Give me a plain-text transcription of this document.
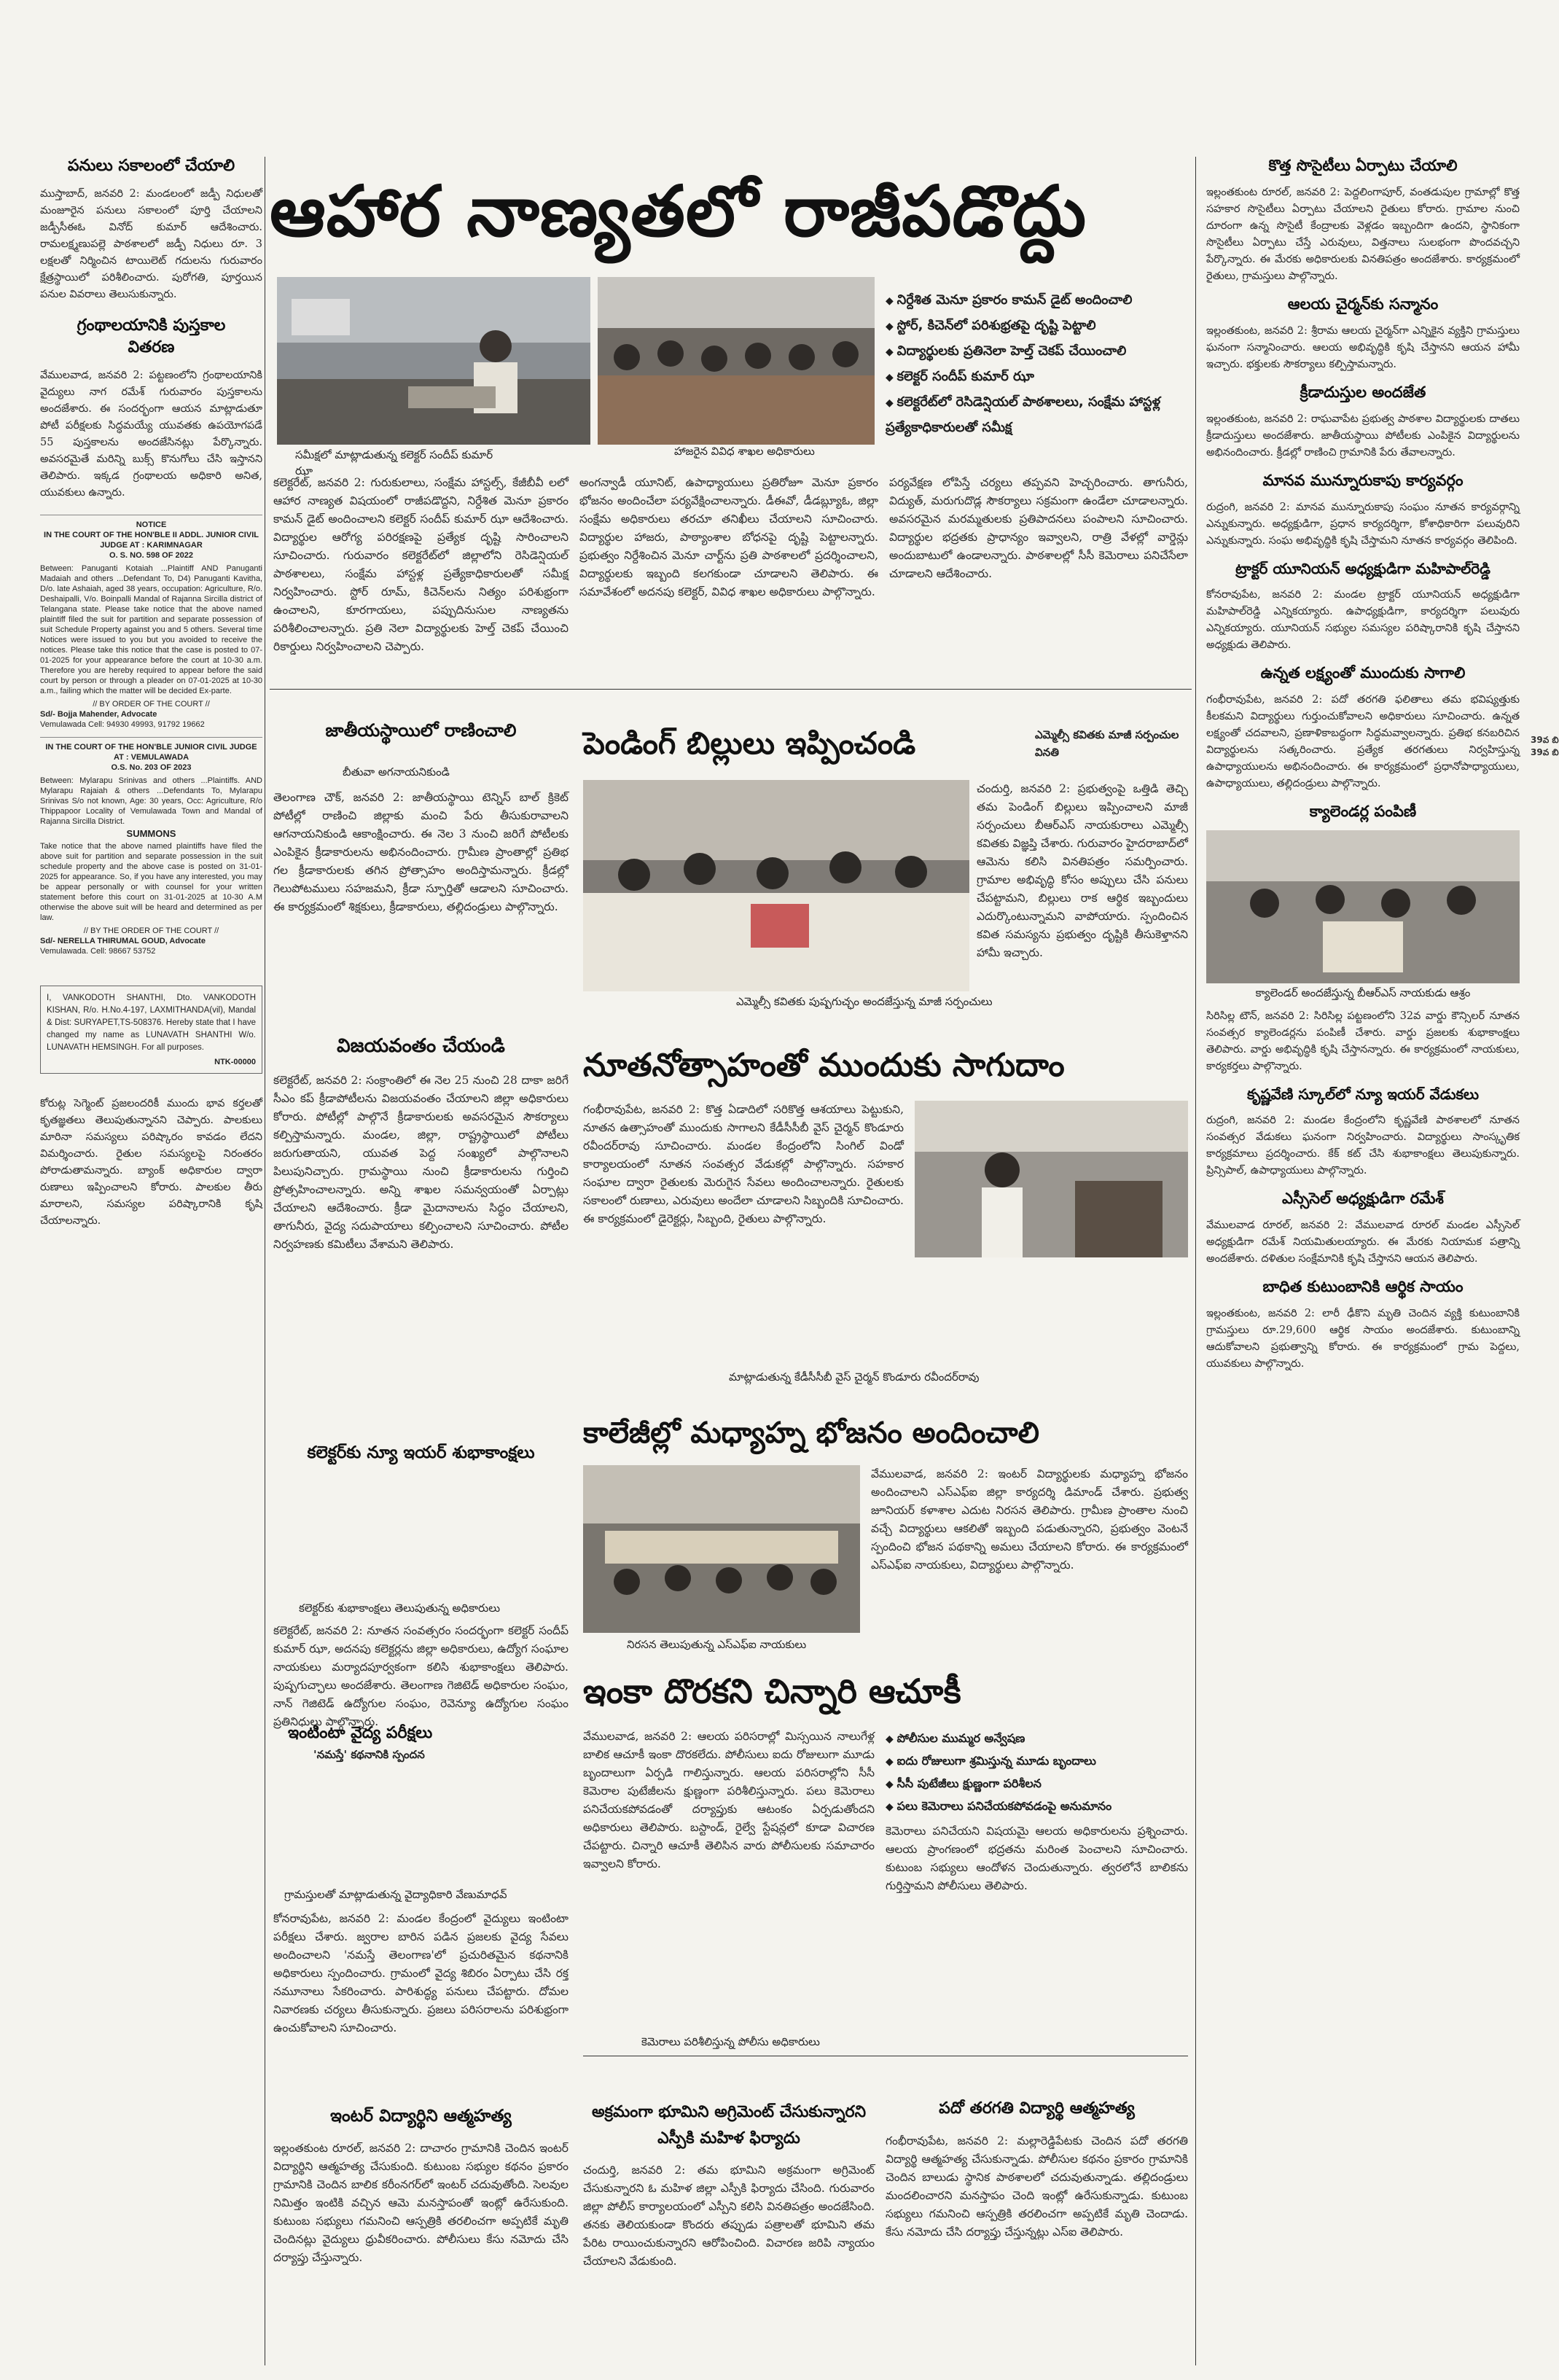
పనులు సకాలంలో చేయాలి

ముస్తాబాద్, జనవరి 2: మండలంలో జడ్పీ నిధులతో మంజూరైన పనులు సకాలంలో పూర్తి చేయాలని జడ్పీసీఈఓ వినోద్ కుమార్ ఆదేశించారు. రామలక్ష్మణుపల్లె పాఠశాలలో జడ్పీ నిధులు రూ. 3 లక్షలతో నిర్మించిన టాయిలెట్ గదులను గురువారం క్షేత్రస్థాయిలో పరిశీలించారు. పురోగతి, పూర్తయిన పనుల వివరాలు తెలుసుకున్నారు.

గ్రంథాలయానికి పుస్తకాల వితరణ

వేములవాడ, జనవరి 2: పట్టణంలోని గ్రంథాలయానికి వైద్యులు నాగ రమేశ్ గురువారం పుస్తకాలను అందజేశారు. ఈ సందర్భంగా ఆయన మాట్లాడుతూ పోటీ పరీక్షలకు సిద్ధమయ్యే యువతకు ఉపయోగపడే 55 పుస్తకాలను అందజేసినట్లు పేర్కొన్నారు. అవసరమైతే మరిన్ని బుక్స్ కొనుగోలు చేసి ఇస్తానని తెలిపారు. ఇక్కడ గ్రంథాలయ అధికారి అనిత, యువకులు ఉన్నారు.

NOTICE

IN THE COURT OF THE HON'BLE II ADDL. JUNIOR CIVIL JUDGE AT : KARIMNAGAR

O. S. NO. 598 OF 2022

Between: Panuganti Kotaiah ...Plaintiff AND Panuganti Madaiah and others ...Defendant To, D4) Panuganti Kavitha, D/o. late Ashaiah, aged 38 years, occupation: Agriculture, R/o. Deshaipalli, V/o. Boinpalli Mandal of Rajanna Sircilla district of Telangana state. Please take notice that the above named plaintiff filed the suit for partition and separate possession of suit Schedule Property against you and 5 others. Several time Notices were issued to you but you avoided to receive the notices. Please take this notice that the case is posted to 07-01-2025 for your appearance before the court at 10-30 a.m. Therefore you are hereby required to appear before the said court by person or through a pleader on 07-01-2025 at 10-30 a.m., failing which the matter will be decided Ex-parte.

// BY ORDER OF THE COURT //

Sd/- Bojja Mahender, Advocate

Vemulawada Cell: 94930 49993, 91792 19662

IN THE COURT OF THE HON'BLE JUNIOR CIVIL JUDGE AT : VEMULAWADA

O.S. No. 203 OF 2023

Between: Mylarapu Srinivas and others ...Plaintiffs. AND Mylarapu Rajaiah & others ...Defendants To, Mylarapu Srinivas S/o not known, Age: 30 years, Occ: Agriculture, R/o Thippapoor Locality of Vemulawada Town and Mandal of Rajanna Sircilla District.

SUMMONS

Take notice that the above named plaintiffs have filed the above suit for partition and separate possession in the suit schedule property and the above case is posted on 31-01-2025 for appearance. So, if you have any interested, you may be appear personally or with counsel for your written statement before this court on 31-01-2025 at 10-30 A.M otherwise the above suit will be heard and determined as per law.

// BY THE ORDER OF THE COURT //

Sd/- NERELLA THIRUMAL GOUD, Advocate

Vemulawada. Cell: 98667 53752

I, VANKODOTH SHANTHI, Dto. VANKODOTH KISHAN, R/o. H.No.4-197, LAXMITHANDA(vil), Mandal & Dist: SURYAPET,TS-508376. Hereby state that I have changed my name as LUNAVATH SHANTHI W/o. LUNAVATH HEMSINGH. For all purposes.

NTK-00000

కోరుట్ల సెగ్మెంట్ ప్రజలందరికీ ముందు భావ కర్తలతో కృతజ్ఞతలు తెలుపుతున్నానని చెప్పారు. పాలకులు మారినా సమస్యలు పరిష్కారం కావడం లేదని విమర్శించారు. రైతుల సమస్యలపై నిరంతరం పోరాడుతామన్నారు. బ్యాంక్ అధికారుల ద్వారా రుణాలు ఇప్పించాలని కోరారు. పాలకుల తీరు మారాలని, సమస్యల పరిష్కారానికి కృషి చేయాలన్నారు.

ఆహార నాణ్యతలో రాజీపడొద్దు

సమీక్షలో మాట్లాడుతున్న కలెక్టర్ సందీప్ కుమార్ ఝా

హాజరైన వివిధ శాఖల అధికారులు

◆ నిర్దేశిత మెనూ ప్రకారం కామన్ డైట్ అందించాలి
◆ స్టోర్, కిచెన్‌లో పరిశుభ్రతపై దృష్టి పెట్టాలి
◆ విద్యార్థులకు ప్రతినెలా హెల్త్ చెకప్ చేయించాలి
◆ కలెక్టర్ సందీప్ కుమార్ ఝా
◆ కలెక్టరేట్‌లో రెసిడెన్షియల్ పాఠశాలలు, సంక్షేమ హాస్టళ్ల ప్రత్యేకాధికారులతో సమీక్ష

కలెక్టరేట్, జనవరి 2: గురుకులాలు, సంక్షేమ హాస్టల్స్, కేజీబీవీ లలో ఆహార నాణ్యత విషయంలో రాజీపడొద్దని, నిర్దేశిత మెనూ ప్రకారం కామన్ డైట్ అందించాలని కలెక్టర్ సందీప్ కుమార్ ఝా ఆదేశించారు. విద్యార్థుల ఆరోగ్య పరిరక్షణపై ప్రత్యేక దృష్టి సారించాలని సూచించారు. గురువారం కలెక్టరేట్‌లో జిల్లాలోని రెసిడెన్షియల్ పాఠశాలలు, సంక్షేమ హాస్టళ్ల ప్రత్యేకాధికారులతో సమీక్ష నిర్వహించారు. స్టోర్ రూమ్, కిచెన్‌లను నిత్యం పరిశుభ్రంగా ఉంచాలని, కూరగాయలు, పప్పుదినుసుల నాణ్యతను పరిశీలించాలన్నారు. ప్రతి నెలా విద్యార్థులకు హెల్త్ చెకప్ చేయించి రికార్డులు నిర్వహించాలని చెప్పారు.

అంగన్వాడీ యూనిట్, ఉపాధ్యాయులు ప్రతిరోజూ మెనూ ప్రకారం భోజనం అందించేలా పర్యవేక్షించాలన్నారు. డీఈవో, డీడబ్ల్యూఓ, జిల్లా సంక్షేమ అధికారులు తరచూ తనిఖీలు చేయాలని సూచించారు. విద్యార్థుల హాజరు, పాఠ్యాంశాల బోధనపై దృష్టి పెట్టాలన్నారు. ప్రభుత్వం నిర్దేశించిన మెనూ చార్ట్‌ను ప్రతి పాఠశాలలో ప్రదర్శించాలని, విద్యార్థులకు ఇబ్బంది కలగకుండా చూడాలని తెలిపారు. ఈ సమావేశంలో అదనపు కలెక్టర్, వివిధ శాఖల అధికారులు పాల్గొన్నారు.

పర్యవేక్షణ లోపిస్తే చర్యలు తప్పవని హెచ్చరించారు. తాగునీరు, విద్యుత్, మరుగుదొడ్ల సౌకర్యాలు సక్రమంగా ఉండేలా చూడాలన్నారు. అవసరమైన మరమ్మతులకు ప్రతిపాదనలు పంపాలని సూచించారు. విద్యార్థుల భద్రతకు ప్రాధాన్యం ఇవ్వాలని, రాత్రి వేళల్లో వార్డెన్లు అందుబాటులో ఉండాలన్నారు. పాఠశాలల్లో సీసీ కెమెరాలు పనిచేసేలా చూడాలని ఆదేశించారు.

జాతీయస్థాయిలో రాణించాలి

బీతువా అగనాయనికుండి

తెలంగాణ చౌక్, జనవరి 2: జాతీయస్థాయి టెన్నిస్ బాల్ క్రికెట్ పోటీల్లో రాణించి జిల్లాకు మంచి పేరు తీసుకురావాలని ఆగనాయనికుండి ఆకాంక్షించారు. ఈ నెల 3 నుంచి జరిగే పోటీలకు ఎంపికైన క్రీడాకారులను అభినందించారు. గ్రామీణ ప్రాంతాల్లో ప్రతిభ గల క్రీడాకారులకు తగిన ప్రోత్సాహం అందిస్తామన్నారు. క్రీడల్లో గెలుపోటములు సహజమని, క్రీడా స్ఫూర్తితో ఆడాలని సూచించారు. ఈ కార్యక్రమంలో శిక్షకులు, క్రీడాకారులు, తల్లిదండ్రులు పాల్గొన్నారు.

విజయవంతం చేయండి

కలెక్టరేట్, జనవరి 2: సంక్రాంతిలో ఈ నెల 25 నుంచి 28 దాకా జరిగే సీఎం కప్ క్రీడాపోటీలను విజయవంతం చేయాలని జిల్లా అధికారులు కోరారు. పోటీల్లో పాల్గొనే క్రీడాకారులకు అవసరమైన సౌకర్యాలు కల్పిస్తామన్నారు. మండల, జిల్లా, రాష్ట్రస్థాయిలో పోటీలు జరుగుతాయని, యువత పెద్ద సంఖ్యలో పాల్గొనాలని పిలుపునిచ్చారు. గ్రామస్థాయి నుంచి క్రీడాకారులను గుర్తించి ప్రోత్సహించాలన్నారు. అన్ని శాఖల సమన్వయంతో ఏర్పాట్లు చేయాలని ఆదేశించారు. క్రీడా మైదానాలను సిద్ధం చేయాలని, తాగునీరు, వైద్య సదుపాయాలు కల్పించాలని సూచించారు. పోటీల నిర్వహణకు కమిటీలు వేశామని తెలిపారు.

కలెక్టర్‌కు న్యూ ఇయర్ శుభాకాంక్షలు
పెండింగ్ బిల్లులు ఇప్పించండి	ఎమ్మెల్సీ కవితకు మాజీ సర్పంచుల వినతి

చందుర్తి, జనవరి 2: ప్రభుత్వంపై ఒత్తిడి తెచ్చి తమ పెండింగ్ బిల్లులు ఇప్పించాలని మాజీ సర్పంచులు బీఆర్ఎస్ నాయకురాలు ఎమ్మెల్సీ కవితకు విజ్ఞప్తి చేశారు. గురువారం హైదరాబాద్‌లో ఆమెను కలిసి వినతిపత్రం సమర్పించారు. గ్రామాల అభివృద్ధి కోసం అప్పులు చేసి పనులు చేపట్టామని, బిల్లులు రాక ఆర్థిక ఇబ్బందులు ఎదుర్కొంటున్నామని వాపోయారు. స్పందించిన కవిత సమస్యను ప్రభుత్వం దృష్టికి తీసుకెళ్తానని హామీ ఇచ్చారు.

ఎమ్మెల్సీ కవితకు పుష్పగుచ్ఛం అందజేస్తున్న మాజీ సర్పంచులు

నూతనోత్సాహంతో ముందుకు సాగుదాం

గంభీరావుపేట, జనవరి 2: కొత్త ఏడాదిలో సరికొత్త ఆశయాలు పెట్టుకుని, నూతన ఉత్సాహంతో ముందుకు సాగాలని కేడీసీసీబీ వైస్ చైర్మన్ కొండూరు రవీందర్‌రావు సూచించారు. మండల కేంద్రంలోని సింగిల్ విండో కార్యాలయంలో నూతన సంవత్సర వేడుకల్లో పాల్గొన్నారు. సహకార సంఘాల ద్వారా రైతులకు మెరుగైన సేవలు అందించాలన్నారు. రైతులకు సకాలంలో రుణాలు, ఎరువులు అందేలా చూడాలని సిబ్బందికి సూచించారు. ఈ కార్యక్రమంలో డైరెక్టర్లు, సిబ్బంది, రైతులు పాల్గొన్నారు.

మాట్లాడుతున్న కేడీసీసీబీ వైస్ చైర్మన్ కొండూరు రవీందర్‌రావు

కాలేజీల్లో మధ్యాహ్న భోజనం అందించాలి

వేములవాడ, జనవరి 2: ఇంటర్ విద్యార్థులకు మధ్యాహ్న భోజనం అందించాలని ఎస్ఎఫ్ఐ జిల్లా కార్యదర్శి డిమాండ్ చేశారు. ప్రభుత్వ జూనియర్ కళాశాల ఎదుట నిరసన తెలిపారు. గ్రామీణ ప్రాంతాల నుంచి వచ్చే విద్యార్థులు ఆకలితో ఇబ్బంది పడుతున్నారని, ప్రభుత్వం వెంటనే స్పందించి భోజన పథకాన్ని అమలు చేయాలని కోరారు. ఈ కార్యక్రమంలో ఎస్ఎఫ్ఐ నాయకులు, విద్యార్థులు పాల్గొన్నారు.

నిరసన తెలుపుతున్న ఎస్ఎఫ్ఐ నాయకులు

కలెక్టర్‌కు శుభాకాంక్షలు తెలుపుతున్న అధికారులు

కలెక్టరేట్, జనవరి 2: నూతన సంవత్సరం సందర్భంగా కలెక్టర్ సందీప్ కుమార్ ఝా, అదనపు కలెక్టర్లను జిల్లా అధికారులు, ఉద్యోగ సంఘాల నాయకులు మర్యాదపూర్వకంగా కలిసి శుభాకాంక్షలు తెలిపారు. పుష్పగుచ్ఛాలు అందజేశారు. తెలంగాణ గెజిటెడ్ అధికారుల సంఘం, నాన్ గెజిటెడ్ ఉద్యోగుల సంఘం, రెవెన్యూ ఉద్యోగుల సంఘం ప్రతినిధులు పాల్గొన్నారు.

ఇంటింటా వైద్య పరీక్షలు

'నమస్తే' కథనానికి స్పందన

గ్రామస్తులతో మాట్లాడుతున్న వైద్యాధికారి వేణుమాధవ్

కోనరావుపేట, జనవరి 2: మండల కేంద్రంలో వైద్యులు ఇంటింటా పరీక్షలు చేశారు. జ్వరాల బారిన పడిన ప్రజలకు వైద్య సేవలు అందించాలని 'నమస్తే తెలంగాణ'లో ప్రచురితమైన కథనానికి అధికారులు స్పందించారు. గ్రామంలో వైద్య శిబిరం ఏర్పాటు చేసి రక్త నమూనాలు సేకరించారు. పారిశుద్ధ్య పనులు చేపట్టారు. దోమల నివారణకు చర్యలు తీసుకున్నారు. ప్రజలు పరిసరాలను పరిశుభ్రంగా ఉంచుకోవాలని సూచించారు.

ఇంటర్ విద్యార్థిని ఆత్మహత్య

ఇల్లంతకుంట రూరల్, జనవరి 2: దాచారం గ్రామానికి చెందిన ఇంటర్ విద్యార్థిని ఆత్మహత్య చేసుకుంది. కుటుంబ సభ్యుల కథనం ప్రకారం గ్రామానికి చెందిన బాలిక కరీంనగర్‌లో ఇంటర్ చదువుతోంది. సెలవుల నిమిత్తం ఇంటికి వచ్చిన ఆమె మనస్తాపంతో ఇంట్లో ఉరేసుకుంది. కుటుంబ సభ్యులు గమనించి ఆస్పత్రికి తరలించగా అప్పటికే మృతి చెందినట్లు వైద్యులు ధ్రువీకరించారు. పోలీసులు కేసు నమోదు చేసి దర్యాప్తు చేస్తున్నారు.

ఇంకా దొరకని చిన్నారి ఆచూకీ

వేములవాడ, జనవరి 2: ఆలయ పరిసరాల్లో మిస్సయిన నాలుగేళ్ల బాలిక ఆచూకీ ఇంకా దొరకలేదు. పోలీసులు ఐదు రోజులుగా మూడు బృందాలుగా ఏర్పడి గాలిస్తున్నారు. ఆలయ పరిసరాల్లోని సీసీ కెమెరాల పుటేజీలను క్షుణ్ణంగా పరిశీలిస్తున్నారు. పలు కెమెరాలు పనిచేయకపోవడంతో దర్యాప్తుకు ఆటంకం ఏర్పడుతోందని అధికారులు తెలిపారు. బస్టాండ్, రైల్వే స్టేషన్లలో కూడా విచారణ చేపట్టారు. చిన్నారి ఆచూకీ తెలిసిన వారు పోలీసులకు సమాచారం ఇవ్వాలని కోరారు.

◆ పోలీసుల ముమ్మర అన్వేషణ
◆ ఐదు రోజులుగా శ్రమిస్తున్న మూడు బృందాలు
◆ సీసీ పుటేజీలు క్షుణ్ణంగా పరిశీలన
◆ పలు కెమెరాలు పనిచేయకపోవడంపై అనుమానం

కెమెరాలు పనిచేయని విషయమై ఆలయ అధికారులను ప్రశ్నించారు. ఆలయ ప్రాంగణంలో భద్రతను మరింత పెంచాలని సూచించారు. కుటుంబ సభ్యులు ఆందోళన చెందుతున్నారు. త్వరలోనే బాలికను గుర్తిస్తామని పోలీసులు తెలిపారు.

కెమెరాలు పరిశీలిస్తున్న పోలీసు అధికారులు

అక్రమంగా భూమిని అగ్రిమెంట్ చేసుకున్నారని ఎస్పీకి మహిళ ఫిర్యాదు

చందుర్తి, జనవరి 2: తమ భూమిని అక్రమంగా అగ్రిమెంట్ చేసుకున్నారని ఓ మహిళ జిల్లా ఎస్పీకి ఫిర్యాదు చేసింది. గురువారం జిల్లా పోలీస్ కార్యాలయంలో ఎస్పీని కలిసి వినతిపత్రం అందజేసింది. తనకు తెలియకుండా కొందరు తప్పుడు పత్రాలతో భూమిని తమ పేరిట రాయించుకున్నారని ఆరోపించింది. విచారణ జరిపి న్యాయం చేయాలని వేడుకుంది.

పదో తరగతి విద్యార్థి ఆత్మహత్య

గంభీరావుపేట, జనవరి 2: మల్లారెడ్డిపేటకు చెందిన పదో తరగతి విద్యార్థి ఆత్మహత్య చేసుకున్నాడు. పోలీసుల కథనం ప్రకారం గ్రామానికి చెందిన బాలుడు స్థానిక పాఠశాలలో చదువుతున్నాడు. తల్లిదండ్రులు మందలించారని మనస్తాపం చెంది ఇంట్లో ఉరేసుకున్నాడు. కుటుంబ సభ్యులు గమనించి ఆస్పత్రికి తరలించగా అప్పటికే మృతి చెందాడు. కేసు నమోదు చేసి దర్యాప్తు చేస్తున్నట్లు ఎస్ఐ తెలిపారు.

కొత్త సొసైటీలు ఏర్పాటు చేయాలి

ఇల్లంతకుంట రూరల్, జనవరి 2: పెద్దలింగాపూర్, వంతడుపుల గ్రామాల్లో కొత్త సహకార సొసైటీలు ఏర్పాటు చేయాలని రైతులు కోరారు. గ్రామాల నుంచి దూరంగా ఉన్న సొసైటీ కేంద్రాలకు వెళ్లడం ఇబ్బందిగా ఉందని, స్థానికంగా సొసైటీలు ఏర్పాటు చేస్తే ఎరువులు, విత్తనాలు సులభంగా పొందవచ్చని పేర్కొన్నారు. ఈ మేరకు అధికారులకు వినతిపత్రం అందజేశారు. కార్యక్రమంలో రైతులు, గ్రామస్తులు పాల్గొన్నారు.

ఆలయ చైర్మన్‌కు సన్మానం

ఇల్లంతకుంట, జనవరి 2: శ్రీరామ ఆలయ చైర్మన్‌గా ఎన్నికైన వ్యక్తిని గ్రామస్తులు ఘనంగా సన్మానించారు. ఆలయ అభివృద్ధికి కృషి చేస్తానని ఆయన హామీ ఇచ్చారు. భక్తులకు సౌకర్యాలు కల్పిస్తామన్నారు.

క్రీడాదుస్తుల అందజేత

ఇల్లంతకుంట, జనవరి 2: రాఘవాపేట ప్రభుత్వ పాఠశాల విద్యార్థులకు దాతలు క్రీడాదుస్తులు అందజేశారు. జాతీయస్థాయి పోటీలకు ఎంపికైన విద్యార్థులను అభినందించారు. క్రీడల్లో రాణించి గ్రామానికి పేరు తేవాలన్నారు.

మానవ మున్నూరుకాపు కార్యవర్గం

రుద్రంగి, జనవరి 2: మానవ మున్నూరుకాపు సంఘం నూతన కార్యవర్గాన్ని ఎన్నుకున్నారు. అధ్యక్షుడిగా, ప్రధాన కార్యదర్శిగా, కోశాధికారిగా పలువురిని ఎన్నుకున్నారు. సంఘ అభివృద్ధికి కృషి చేస్తామని నూతన కార్యవర్గం తెలిపింది.

ట్రాక్టర్ యూనియన్ అధ్యక్షుడిగా మహిపాల్‌రెడ్డి

కోనరావుపేట, జనవరి 2: మండల ట్రాక్టర్ యూనియన్ అధ్యక్షుడిగా మహిపాల్‌రెడ్డి ఎన్నికయ్యారు. ఉపాధ్యక్షుడిగా, కార్యదర్శిగా పలువురు ఎన్నికయ్యారు. యూనియన్ సభ్యుల సమస్యల పరిష్కారానికి కృషి చేస్తానని అధ్యక్షుడు తెలిపారు.

ఉన్నత లక్ష్యంతో ముందుకు సాగాలి

గంభీరావుపేట, జనవరి 2: పదో తరగతి ఫలితాలు తమ భవిష్యత్తుకు కీలకమని విద్యార్థులు గుర్తుంచుకోవాలని అధికారులు సూచించారు. ఉన్నత లక్ష్యంతో చదవాలని, ప్రణాళికాబద్ధంగా సిద్ధమవ్వాలన్నారు. ప్రతిభ కనబరిచిన విద్యార్థులను సత్కరించారు. ప్రత్యేక తరగతులు నిర్వహిస్తున్న ఉపాధ్యాయులను అభినందించారు. ఈ కార్యక్రమంలో ప్రధానోపాధ్యాయులు, ఉపాధ్యాయులు, తల్లిదండ్రులు పాల్గొన్నారు.

క్యాలెండర్ల పంపిణీ

క్యాలెండర్ అందజేస్తున్న బీఆర్ఎస్ నాయకుడు ఆశ్రం

సిరిసిల్ల టౌన్, జనవరి 2: సిరిసిల్ల పట్టణంలోని 32వ వార్డు కౌన్సిలర్ నూతన సంవత్సర క్యాలెండర్లను పంపిణీ చేశారు. వార్డు ప్రజలకు శుభాకాంక్షలు తెలిపారు. వార్డు అభివృద్ధికి కృషి చేస్తానన్నారు. ఈ కార్యక్రమంలో నాయకులు, కార్యకర్తలు పాల్గొన్నారు.

కృష్ణవేణి స్కూల్‌లో న్యూ ఇయర్ వేడుకలు

రుద్రంగి, జనవరి 2: మండల కేంద్రంలోని కృష్ణవేణి పాఠశాలలో నూతన సంవత్సర వేడుకలు ఘనంగా నిర్వహించారు. విద్యార్థులు సాంస్కృతిక కార్యక్రమాలు ప్రదర్శించారు. కేక్ కట్ చేసి శుభాకాంక్షలు తెలుపుకున్నారు. ప్రిన్సిపాల్, ఉపాధ్యాయులు పాల్గొన్నారు.

ఎస్సీసెల్ అధ్యక్షుడిగా రమేశ్

వేములవాడ రూరల్, జనవరి 2: వేములవాడ రూరల్ మండల ఎస్సీసెల్ అధ్యక్షుడిగా రమేశ్ నియమితులయ్యారు. ఈ మేరకు నియామక పత్రాన్ని అందజేశారు. దళితుల సంక్షేమానికి కృషి చేస్తానని ఆయన తెలిపారు.

బాధిత కుటుంబానికి ఆర్థిక సాయం

ఇల్లంతకుంట, జనవరి 2: లారీ ఢీకొని మృతి చెందిన వ్యక్తి కుటుంబానికి గ్రామస్తులు రూ.29,600 ఆర్థిక సాయం అందజేశారు. కుటుంబాన్ని ఆదుకోవాలని ప్రభుత్వాన్ని కోరారు. ఈ కార్యక్రమంలో గ్రామ పెద్దలు, యువకులు పాల్గొన్నారు.

39వ బి
39వ బి
